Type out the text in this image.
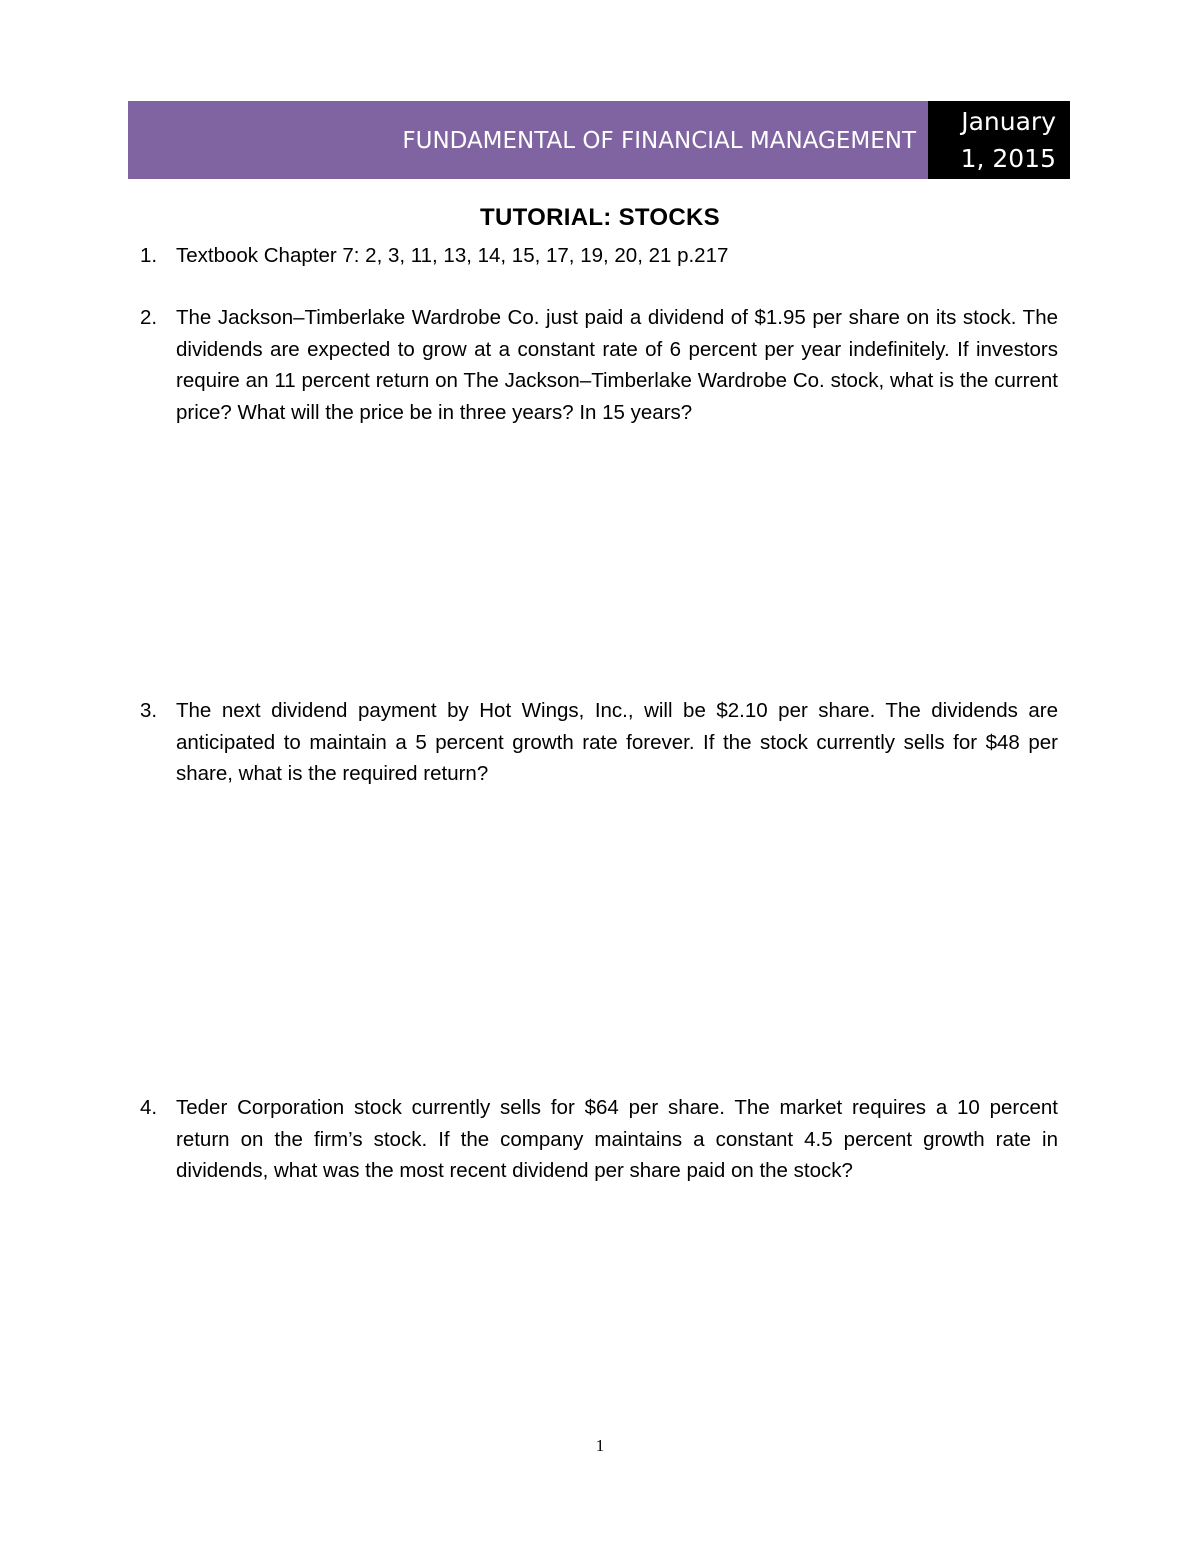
FUNDAMENTAL OF FINANCIAL MANAGEMENT
January
1, 2015
TUTORIAL: STOCKS
1. Textbook Chapter 7: 2, 3, 11, 13, 14, 15, 17, 19, 20, 21 p.217
2. The Jackson–Timberlake Wardrobe Co. just paid a dividend of $1.95 per share on its stock. The dividends are expected to grow at a constant rate of 6 percent per year indefinitely. If investors require an 11 percent return on The Jackson–Timberlake Wardrobe Co. stock, what is the current price? What will the price be in three years? In 15 years?
3. The next dividend payment by Hot Wings, Inc., will be $2.10 per share. The dividends are anticipated to maintain a 5 percent growth rate forever. If the stock currently sells for $48 per share, what is the required return?
4. Teder Corporation stock currently sells for $64 per share. The market requires a 10 percent return on the firm’s stock. If the company maintains a constant 4.5 percent growth rate in dividends, what was the most recent dividend per share paid on the stock?
1
